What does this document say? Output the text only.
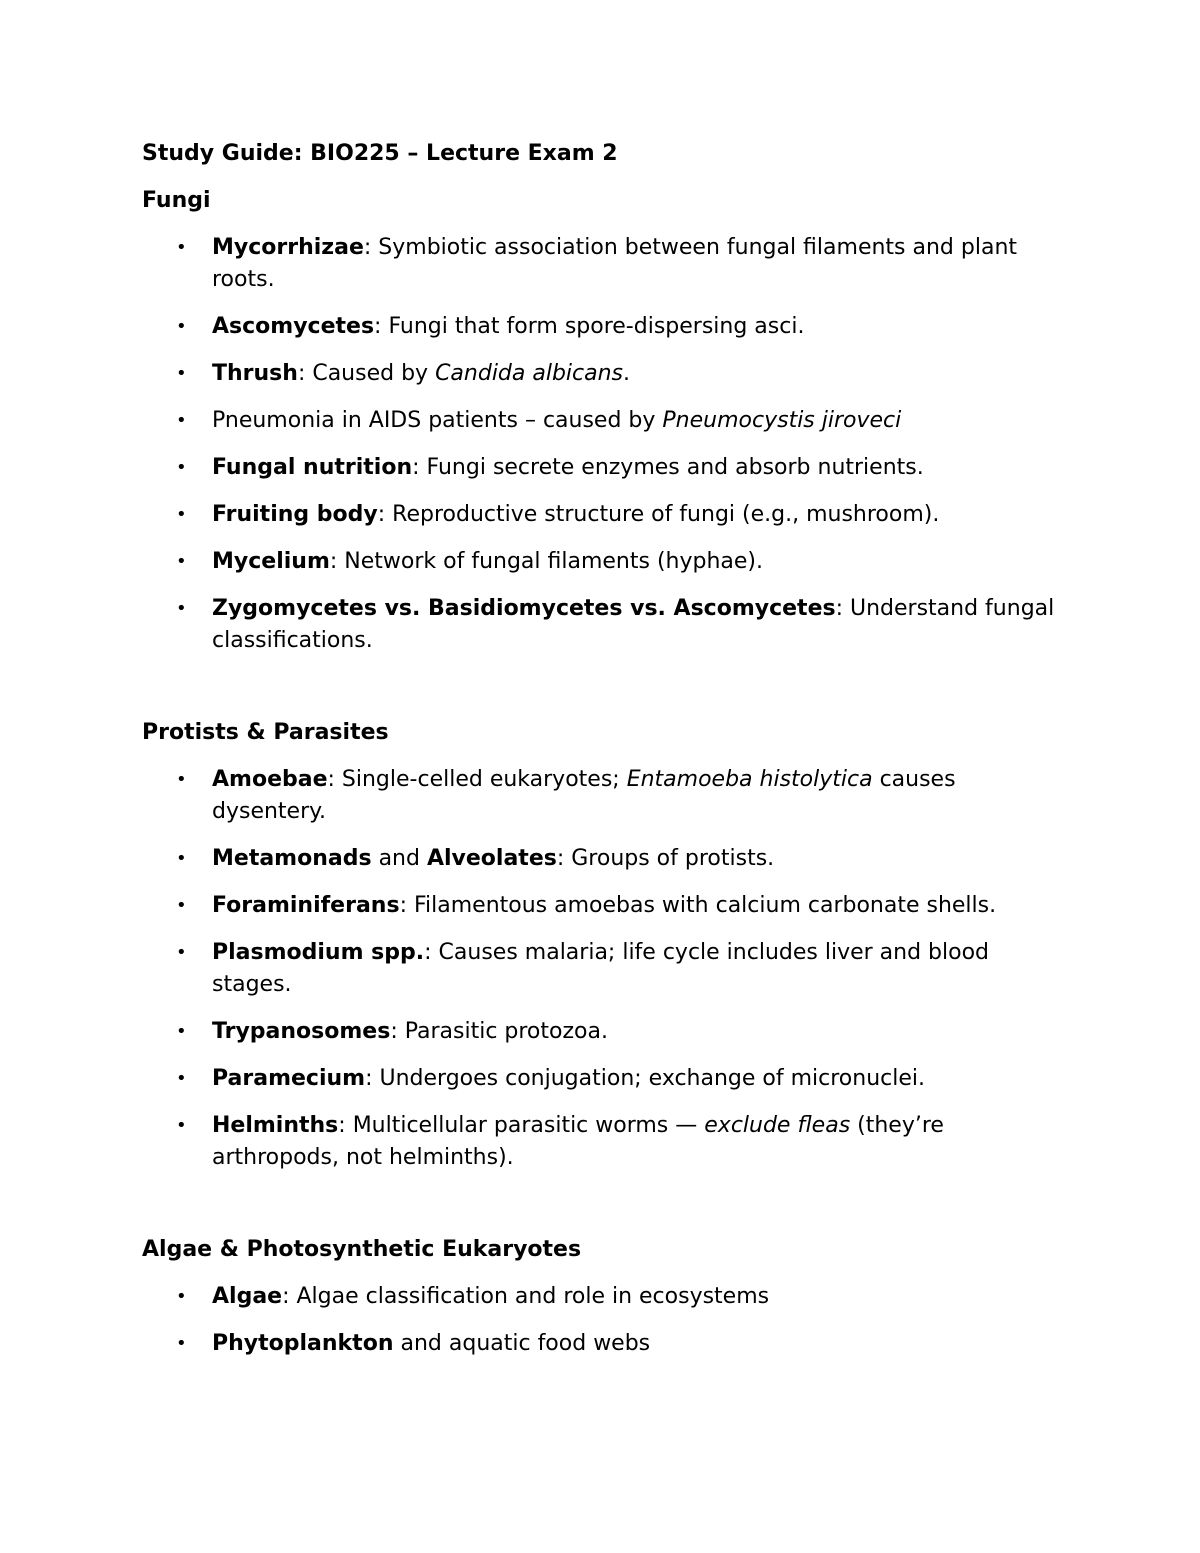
Study Guide: BIO225 – Lecture Exam 2
Fungi
• Mycorrhizae: Symbiotic association between fungal filaments and plant roots.
• Ascomycetes: Fungi that form spore-dispersing asci.
• Thrush: Caused by Candida albicans.
• Pneumonia in AIDS patients – caused by Pneumocystis jiroveci
• Fungal nutrition: Fungi secrete enzymes and absorb nutrients.
• Fruiting body: Reproductive structure of fungi (e.g., mushroom).
• Mycelium: Network of fungal filaments (hyphae).
• Zygomycetes vs. Basidiomycetes vs. Ascomycetes: Understand fungal classifications.
Protists & Parasites
• Amoebae: Single-celled eukaryotes; Entamoeba histolytica causes dysentery.
• Metamonads and Alveolates: Groups of protists.
• Foraminiferans: Filamentous amoebas with calcium carbonate shells.
• Plasmodium spp.: Causes malaria; life cycle includes liver and blood stages.
• Trypanosomes: Parasitic protozoa.
• Paramecium: Undergoes conjugation; exchange of micronuclei.
• Helminths: Multicellular parasitic worms — exclude fleas (they’re arthropods, not helminths).
Algae & Photosynthetic Eukaryotes
• Algae: Algae classification and role in ecosystems
• Phytoplankton and aquatic food webs
